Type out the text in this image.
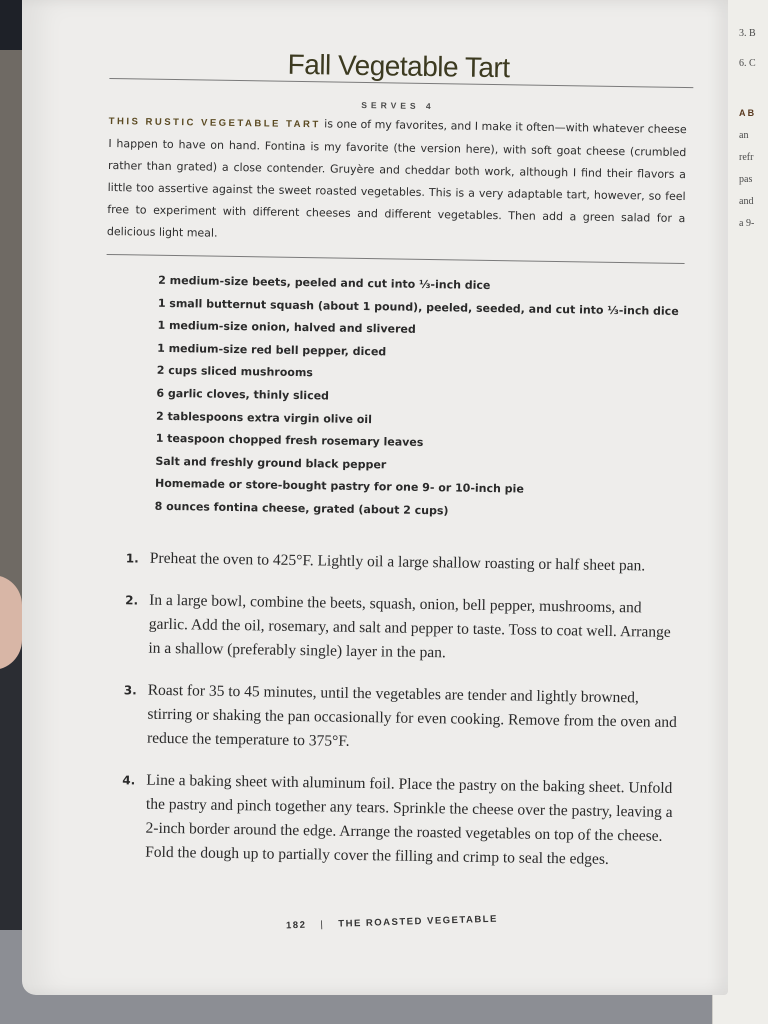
3. B
6. C
A B
an
refr
pas
and
a 9-
Fall Vegetable Tart
SERVES 4

THIS RUSTIC VEGETABLE TART is one of my favorites, and I make it often—with whatever cheese I happen to have on hand. Fontina is my favorite (the version here), with soft goat cheese (crumbled rather than grated) a close contender. Gruyère and cheddar both work, although I find their flavors a little too assertive against the sweet roasted vegetables. This is a very adaptable tart, however, so feel free to experiment with different cheeses and different vegetables. Then add a green salad for a delicious light meal.

2 medium-size beets, peeled and cut into ⅓-inch dice
1 small butternut squash (about 1 pound), peeled, seeded, and cut into ⅓-inch dice
1 medium-size onion, halved and slivered
1 medium-size red bell pepper, diced
2 cups sliced mushrooms
6 garlic cloves, thinly sliced
2 tablespoons extra virgin olive oil
1 teaspoon chopped fresh rosemary leaves
Salt and freshly ground black pepper
Homemade or store-bought pastry for one 9- or 10-inch pie
8 ounces fontina cheese, grated (about 2 cups)
1. Preheat the oven to 425°F. Lightly oil a large shallow roasting or half sheet pan.
2. In a large bowl, combine the beets, squash, onion, bell pepper, mushrooms, and garlic. Add the oil, rosemary, and salt and pepper to taste. Toss to coat well. Arrange in a shallow (preferably single) layer in the pan.
3. Roast for 35 to 45 minutes, until the vegetables are tender and lightly browned, stirring or shaking the pan occasionally for even cooking. Remove from the oven and reduce the temperature to 375°F.
4. Line a baking sheet with aluminum foil. Place the pastry on the baking sheet. Unfold the pastry and pinch together any tears. Sprinkle the cheese over the pastry, leaving a 2-inch border around the edge. Arrange the roasted vegetables on top of the cheese. Fold the dough up to partially cover the filling and crimp to seal the edges.
182 | THE ROASTED VEGETABLE
